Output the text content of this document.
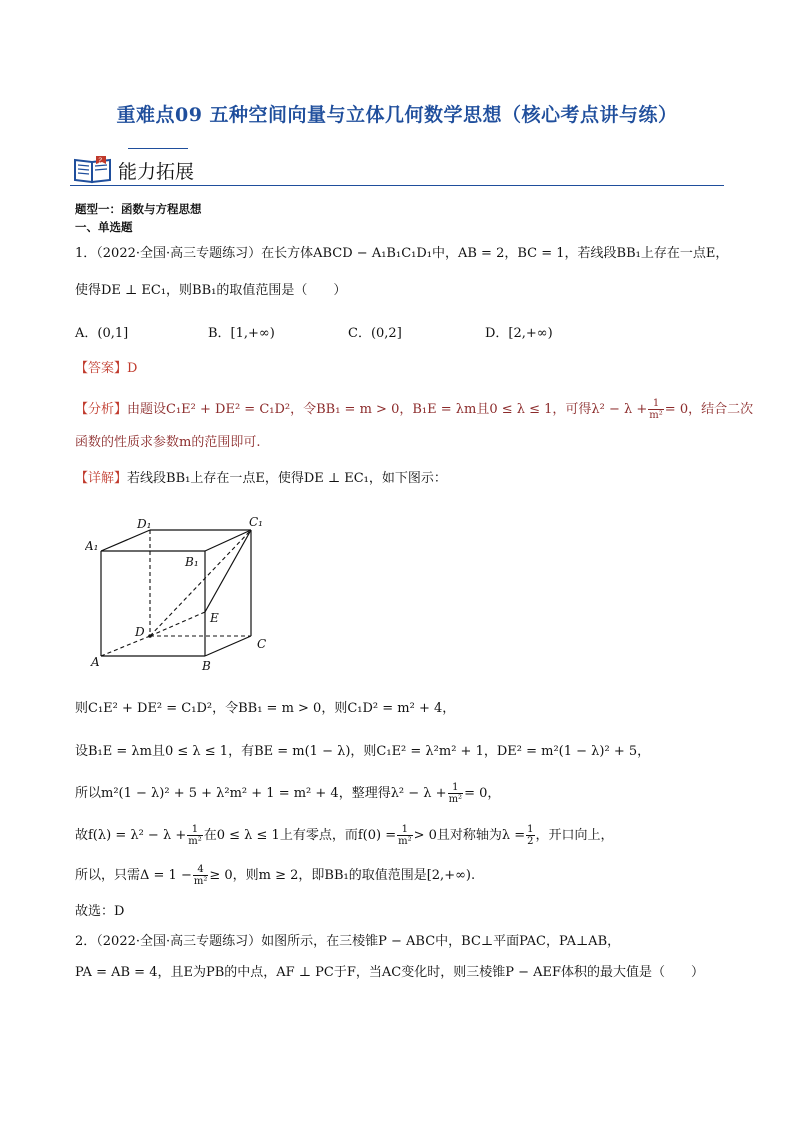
重难点09 五种空间向量与立体几何数学思想（核心考点讲与练）
? 能力拓展
题型一：函数与方程思想
一、单选题
1．（2022·全国·高三专题练习）在长方体ABCD − A₁B₁C₁D₁中，AB = 2，BC = 1，若线段BB₁上存在一点E，
使得DE ⊥ EC₁，则BB₁的取值范围是（　　）
A．(0,1]	B．[1,+∞)	C．(0,2]	D．[2,+∞)
【答案】D
【分析】由题设C₁E² + DE² = C₁D²，令BB₁ = m > 0，B₁E = λm且0 ≤ λ ≤ 1，可得$\lambda^2 - \lambda + \frac{1}{\text{m²}} = 0$，结合二次
函数的性质求参数m的范围即可.
【详解】若线段BB₁上存在一点E，使得DE ⊥ EC₁，如下图示：
A₁
D₁	C₁
B₁
D
E
C
A	B
则C₁E² + DE² = C₁D²，令BB₁ = m > 0，则C₁D² = m² + 4，
设B₁E = λm且0 ≤ λ ≤ 1，有BE = m(1 − λ)，则C₁E² = λ²m² + 1，DE² = m²(1 − λ)² + 5，
所以m²(1 − λ)² + 5 + λ²m² + 1 = m² + 4，整理得$\lambda^2 - \lambda + \frac{1}{\text{m²}} = 0$，
故$f(\lambda) = \lambda^2 - \lambda + \frac{1}{\text{m²}}$ 在0 ≤ λ ≤ 1上有零点，而$f(0) = \frac{1}{\text{m²}} > 0$且对称轴为$\lambda = \frac{1}{2}$ ，开口向上，
所以，只需$\Delta = 1 - \frac{4}{\text{m²}} \ge 0$，则m ≥ 2，即BB₁的取值范围是[2,+∞).
故选：D
2．（2022·全国·高三专题练习）如图所示，在三棱锥P − ABC中，BC⊥平面PAC，PA⊥AB，
PA = AB = 4，且E为PB的中点，AF ⊥ PC于F，当AC变化时，则三棱锥P − AEF体积的最大值是（　　）
